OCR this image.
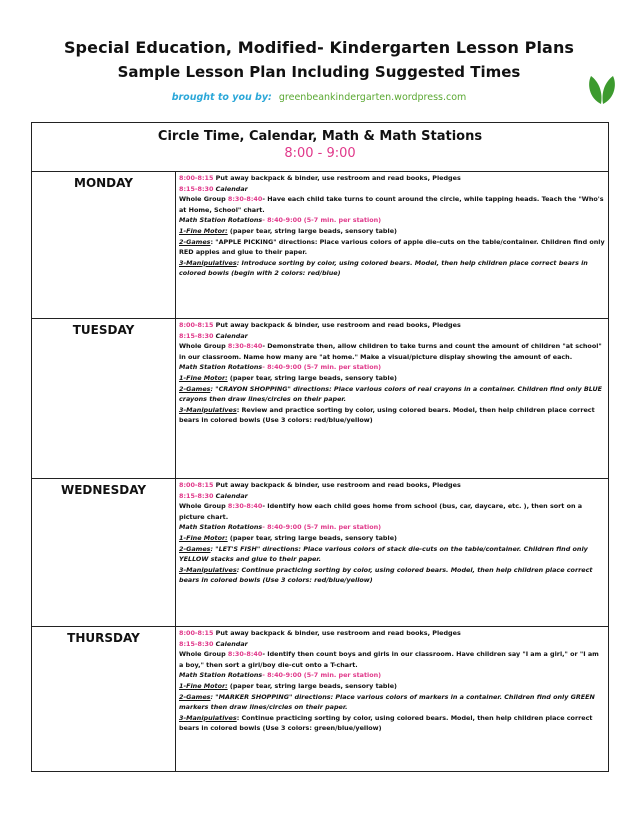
Special Education, Modified- Kindergarten Lesson Plans
Sample Lesson Plan Including Suggested Times
brought to you by: greenbeankindergarten.wordpress.com
Circle Time, Calendar, Math & Math Stations
8:00 - 9:00
MONDAY	8:00-8:15 Put away backpack & binder, use restroom and read books, Pledges
8:15-8:30 Calendar
Whole Group 8:30-8:40- Have each child take turns to count around the circle, while tapping heads. Teach the "Who's at Home, School" chart.
Math Station Rotations- 8:40-9:00 (5-7 min. per station)
1-Fine Motor: (paper tear, string large beads, sensory table)
2-Games: "APPLE PICKING" directions: Place various colors of apple die-cuts on the table/container. Children find only RED apples and glue to their paper.
3-Manipulatives: Introduce sorting by color, using colored bears. Model, then help children place correct bears in colored bowls (begin with 2 colors: red/blue)
TUESDAY	8:00-8:15 Put away backpack & binder, use restroom and read books, Pledges
8:15-8:30 Calendar
Whole Group 8:30-8:40- Demonstrate then, allow children to take turns and count the amount of children "at school" in our classroom. Name how many are "at home." Make a visual/picture display showing the amount of each.
Math Station Rotations- 8:40-9:00 (5-7 min. per station)
1-Fine Motor: (paper tear, string large beads, sensory table)
2-Games: "CRAYON SHOPPING" directions: Place various colors of real crayons in a container. Children find only BLUE crayons then draw lines/circles on their paper.
3-Manipulatives: Review and practice sorting by color, using colored bears. Model, then help children place correct bears in colored bowls (Use 3 colors: red/blue/yellow)
WEDNESDAY	8:00-8:15 Put away backpack & binder, use restroom and read books, Pledges
8:15-8:30 Calendar
Whole Group 8:30-8:40- Identify how each child goes home from school (bus, car, daycare, etc. ), then sort on a picture chart.
Math Station Rotations- 8:40-9:00 (5-7 min. per station)
1-Fine Motor: (paper tear, string large beads, sensory table)
2-Games: "LET'S FISH" directions: Place various colors of stack die-cuts on the table/container. Children find only YELLOW stacks and glue to their paper.
3-Manipulatives: Continue practicing sorting by color, using colored bears. Model, then help children place correct bears in colored bowls (Use 3 colors: red/blue/yellow)
THURSDAY	8:00-8:15 Put away backpack & binder, use restroom and read books, Pledges
8:15-8:30 Calendar
Whole Group 8:30-8:40- Identify then count boys and girls in our classroom. Have children say "I am a girl," or "I am a boy," then sort a girl/boy die-cut onto a T-chart.
Math Station Rotations- 8:40-9:00 (5-7 min. per station)
1-Fine Motor: (paper tear, string large beads, sensory table)
2-Games: "MARKER SHOPPING" directions: Place various colors of markers in a container. Children find only GREEN markers then draw lines/circles on their paper.
3-Manipulatives: Continue practicing sorting by color, using colored bears. Model, then help children place correct bears in colored bowls (Use 3 colors: green/blue/yellow)
